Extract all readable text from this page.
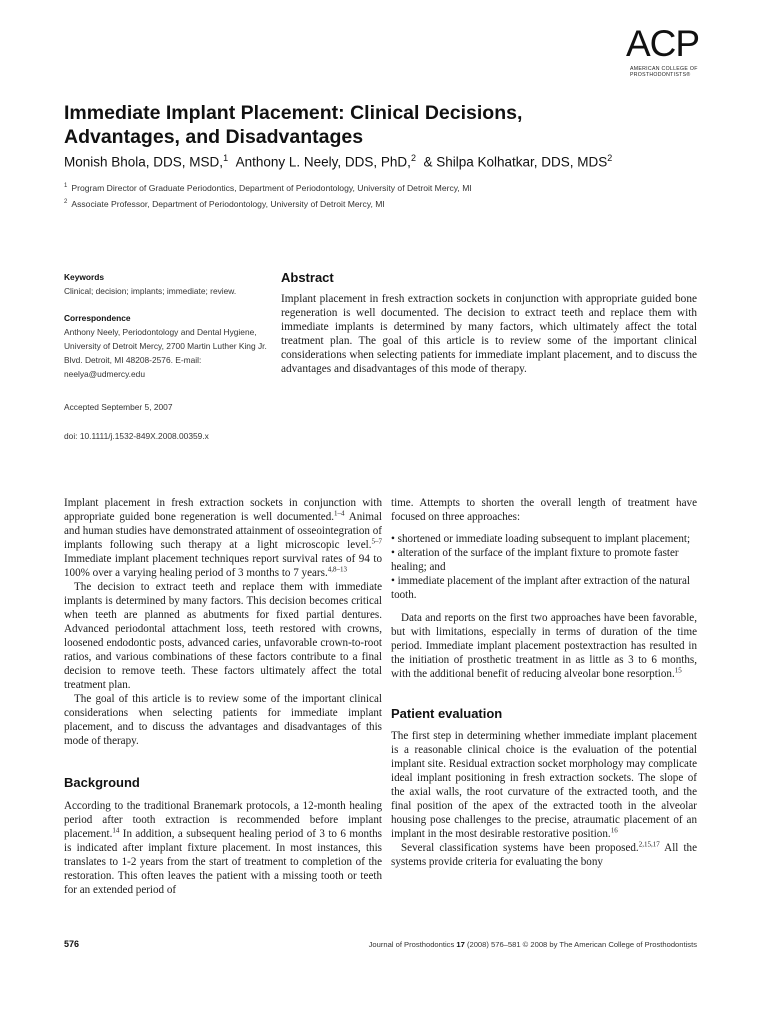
ACP
AMERICAN COLLEGE OF
PROSTHODONTISTS®
Immediate Implant Placement: Clinical Decisions, Advantages, and Disadvantages
Monish Bhola, DDS, MSD,$^1$ Anthony L. Neely, DDS, PhD,$^2$ & Shilpa Kolhatkar, DDS, MDS$^2$
$^1$ Program Director of Graduate Periodontics, Department of Periodontology, University of Detroit Mercy, MI
$^2$ Associate Professor, Department of Periodontology, University of Detroit Mercy, MI
Keywords
Clinical; decision; implants; immediate; review.
Correspondence
Anthony Neely, Periodontology and Dental Hygiene, University of Detroit Mercy, 2700 Martin Luther King Jr. Blvd. Detroit, MI 48208-2576. E-mail: neelya@udmercy.edu
Accepted September 5, 2007
doi: 10.1111/j.1532-849X.2008.00359.x
Abstract

Implant placement in fresh extraction sockets in conjunction with appropriate guided bone regeneration is well documented. The decision to extract teeth and replace them with immediate implants is determined by many factors, which ultimately affect the total treatment plan. The goal of this article is to review some of the important clinical considerations when selecting patients for immediate implant placement, and to discuss the advantages and disadvantages of this mode of therapy.

Implant placement in fresh extraction sockets in conjunction with appropriate guided bone regeneration is well documented.$^{1-4}$ Animal and human studies have demonstrated attainment of osseointegration of implants following such therapy at a light microscopic level.$^{5-7}$ Immediate implant placement techniques report survival rates of 94 to 100% over a varying healing period of 3 months to 7 years.$^{4,8-13}$

The decision to extract teeth and replace them with immediate implants is determined by many factors. This decision becomes critical when teeth are planned as abutments for fixed partial dentures. Advanced periodontal attachment loss, teeth restored with crowns, loosened endodontic posts, advanced caries, unfavorable crown-to-root ratios, and various combinations of these factors contribute to a final decision to remove teeth. These factors ultimately affect the total treatment plan.

The goal of this article is to review some of the important clinical considerations when selecting patients for immediate implant placement, and to discuss the advantages and disadvantages of this mode of therapy.

Background

According to the traditional Branemark protocols, a 12-month healing period after tooth extraction is recommended before implant placement.$^{14}$ In addition, a subsequent healing period of 3 to 6 months is indicated after implant fixture placement. In most instances, this translates to 1-2 years from the start of treatment to completion of the restoration. This often leaves the patient with a missing tooth or teeth for an extended period of

time. Attempts to shorten the overall length of treatment have focused on three approaches:

• shortened or immediate loading subsequent to implant placement;
• alteration of the surface of the implant fixture to promote faster healing; and
• immediate placement of the implant after extraction of the natural tooth.

Data and reports on the first two approaches have been favorable, but with limitations, especially in terms of duration of the time period. Immediate implant placement postextraction has resulted in the initiation of prosthetic treatment in as little as 3 to 6 months, with the additional benefit of reducing alveolar bone resorption.$^{15}$

Patient evaluation

The first step in determining whether immediate implant placement is a reasonable clinical choice is the evaluation of the potential implant site. Residual extraction socket morphology may complicate ideal implant positioning in fresh extraction sockets. The slope of the axial walls, the root curvature of the extracted tooth, and the final position of the apex of the extracted tooth in the alveolar housing pose challenges to the precise, atraumatic placement of an implant in the most desirable restorative position.$^{16}$

Several classification systems have been proposed.$^{2,15,17}$ All the systems provide criteria for evaluating the bony

576	Journal of Prosthodontics 17 (2008) 576–581 © 2008 by The American College of Prosthodontists
